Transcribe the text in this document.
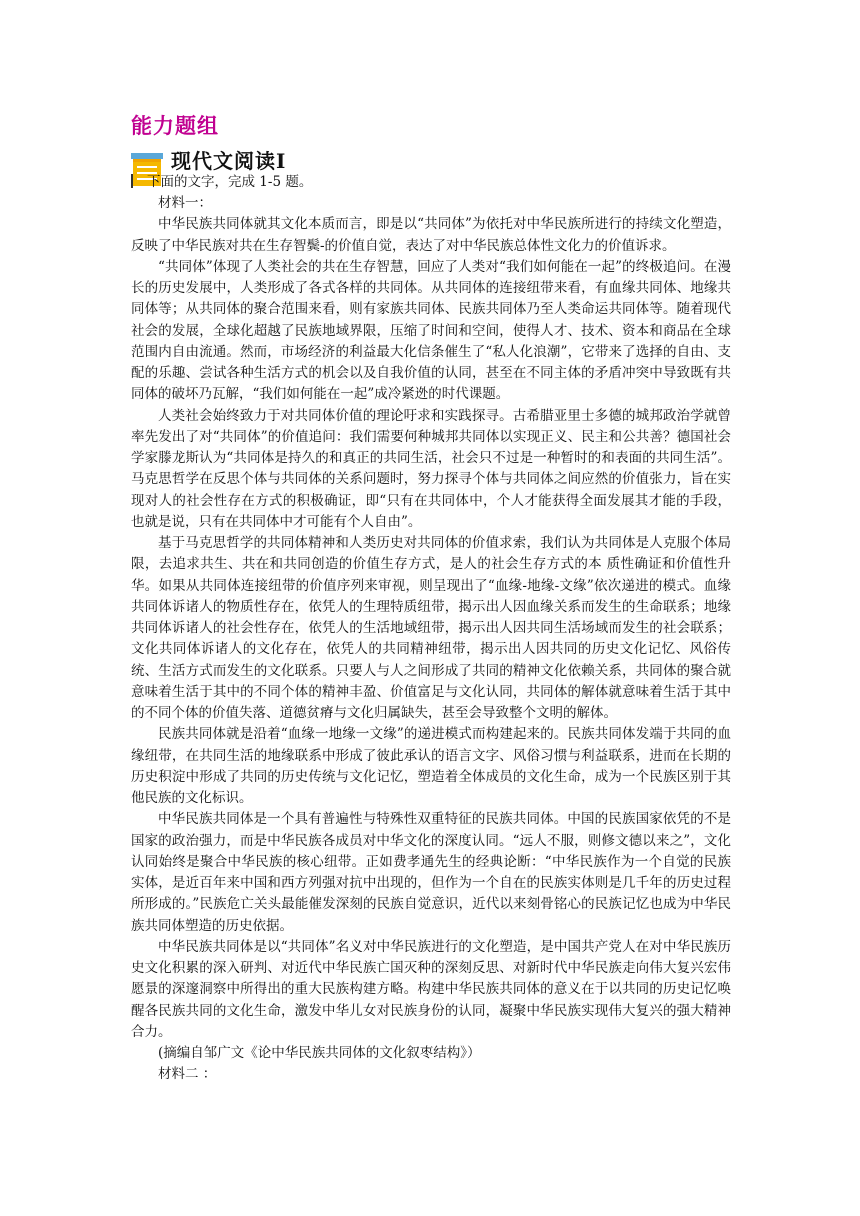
能力题组
现代文阅读Ⅰ
下面的文字，完成 1-5 题。

材料一：

中华民族共同体就其文化本质而言，即是以“共同体”为依托对中华民族所进行的持续文化塑造，反映了中华民族对共在生存智鬓-的价值自觉，表达了对中华民族总体性文化力的价值诉求。

“共同体”体现了人类社会的共在生存智慧，回应了人类对“我们如何能在一起”的终极追问。在漫长的历史发展中，人类形成了各式各样的共同体。从共同体的连接纽带来看，有血缘共同体、地缘共同体等；从共同体的聚合范围来看，则有家族共同体、民族共同体乃至人类命运共同体等。随着现代社会的发展，全球化超越了民族地域界限，压缩了时间和空间，使得人才、技术、资本和商品在全球范围内自由流通。然而，市场经济的利益最大化信条催生了“私人化浪潮”，它带来了选择的自由、支配的乐趣、尝试各种生活方式的机会以及自我价值的认同，甚至在不同主体的矛盾冲突中导致既有共同体的破坏乃瓦解，“我们如何能在一起”成冷紧迯的时代课题。

人类社会始终致力于对共同体价值的理论吁求和实践探寻。古希腊亚里士多德的城邦政治学就曾率先发出了对“共同体”的价值追问：我们需要何种城邦共同体以实现正义、民主和公共善？德国社会学家滕龙斯认为“共同体是持久的和真正的共同生活，社会只不过是一种暂时的和表面的共同生活”。马克思哲学在反思个体与共同体的关系问题时，努力探寻个体与共同体之间应然的价值张力，旨在实现对人的社会性存在方式的积极确证，即“只有在共同体中，个人才能获得全面发展其才能的手段，也就是说，只有在共同体中才可能有个人自由”。

基于马克思哲学的共同体精神和人类历史对共同体的价值求索，我们认为共同体是人克服个体局限，去追求共生、共在和共同创造的价值生存方式，是人的社会生存方式的本 质性确证和价值性升华。如果从共同体连接纽带的价值序列来审视，则呈现出了“血缘-地缘-文缘”依次递进的模式。血缘共同体诉诸人的物质性存在，依凭人的生理特质纽带，揭示出人因血缘关系而发生的生命联系；地缘共同体诉诸人的社会性存在，依凭人的生活地域纽带，揭示出人因共同生活场域而发生的社会联系；文化共同体诉诸人的文化存在，依凭人的共同精神纽带，揭示出人因共同的历史文化记忆、风俗传统、生活方式而发生的文化联系。只要人与人之间形成了共同的精神文化依赖关系，共同体的聚合就意味着生活于其中的不同个体的精神丰盈、价值富足与文化认同，共同体的解体就意味着生活于其中的不同个体的价值失落、道德贫瘠与文化归属缺失，甚至会导致整个文明的解体。

民族共同体就是沿着“血缘一地缘一文缘”的递进模式而构建起来的。民族共同体发端于共同的血缘纽带，在共同生活的地缘联系中形成了彼此承认的语言文字、风俗习惯与利益联系，进而在长期的历史积淀中形成了共同的历史传统与文化记忆，塑造着全体成员的文化生命，成为一个民族区别于其他民族的文化标识。

中华民族共同体是一个具有普遍性与特殊性双重特征的民族共同体。中国的民族国家依凭的不是国家的政治强力，而是中华民族各成员对中华文化的深度认同。“远人不服，则修文德以来之”，文化认同始终是聚合中华民族的核心纽带。正如费孝通先生的经典论断：“中华民族作为一个自觉的民族实体，是近百年来中国和西方列强对抗中出现的，但作为一个自在的民族实体则是几千年的历史过程所形成的。”民族危亡关头最能催发深刻的民族自觉意识，近代以来刻骨铭心的民族记忆也成为中华民族共同体塑造的历史依据。

中华民族共同体是以“共同体”名义对中华民族进行的文化塑造，是中国共产党人在对中华民族历史文化积累的深入研判、对近代中华民族亡国灭种的深刻反思、对新时代中华民族走向伟大复兴宏伟愿景的深邃洞察中所得出的重大民族构建方略。构建中华民族共同体的意义在于以共同的历史记忆唤醒各民族共同的文化生命，激发中华儿女对民族身份的认同，凝聚中华民族实现伟大复兴的强大精神合力。

(摘编自邹广文《论中华民族共同体的文化叙枣结构》）

材料二 ：
